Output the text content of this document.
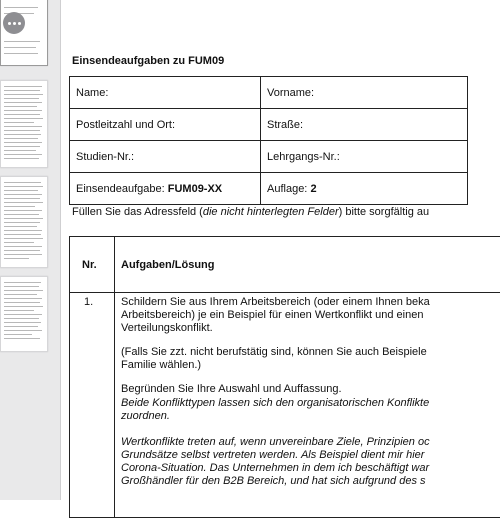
Einsendeaufgaben zu FUM09
Name:	Vorname:
Postleitzahl und Ort:	Straße:
Studien-Nr.:	Lehrgangs-Nr.:
Einsendeaufgabe: FUM09-XX	Auflage: 2
Füllen Sie das Adressfeld (die nicht hinterlegten Felder) bitte sorgfältig au
Nr. Aufgaben/Lösung
1.	Schildern Sie aus Ihrem Arbeitsbereich (oder einem Ihnen beka
Arbeitsbereich) je ein Beispiel für einen Wertkonflikt und einen
Verteilungskonflikt.

(Falls Sie zzt. nicht berufstätig sind, können Sie auch Beispiele
Familie wählen.)

Begründen Sie Ihre Auswahl und Auffassung.

Beide Konflikttypen lassen sich den organisatorischen Konflikte
zuordnen.

Wertkonflikte treten auf, wenn unvereinbare Ziele, Prinzipien oc
Grundsätze selbst vertreten werden. Als Beispiel dient mir hier
Corona-Situation. Das Unternehmen in dem ich beschäftigt war
Großhändler für den B2B Bereich, und hat sich aufgrund des s
